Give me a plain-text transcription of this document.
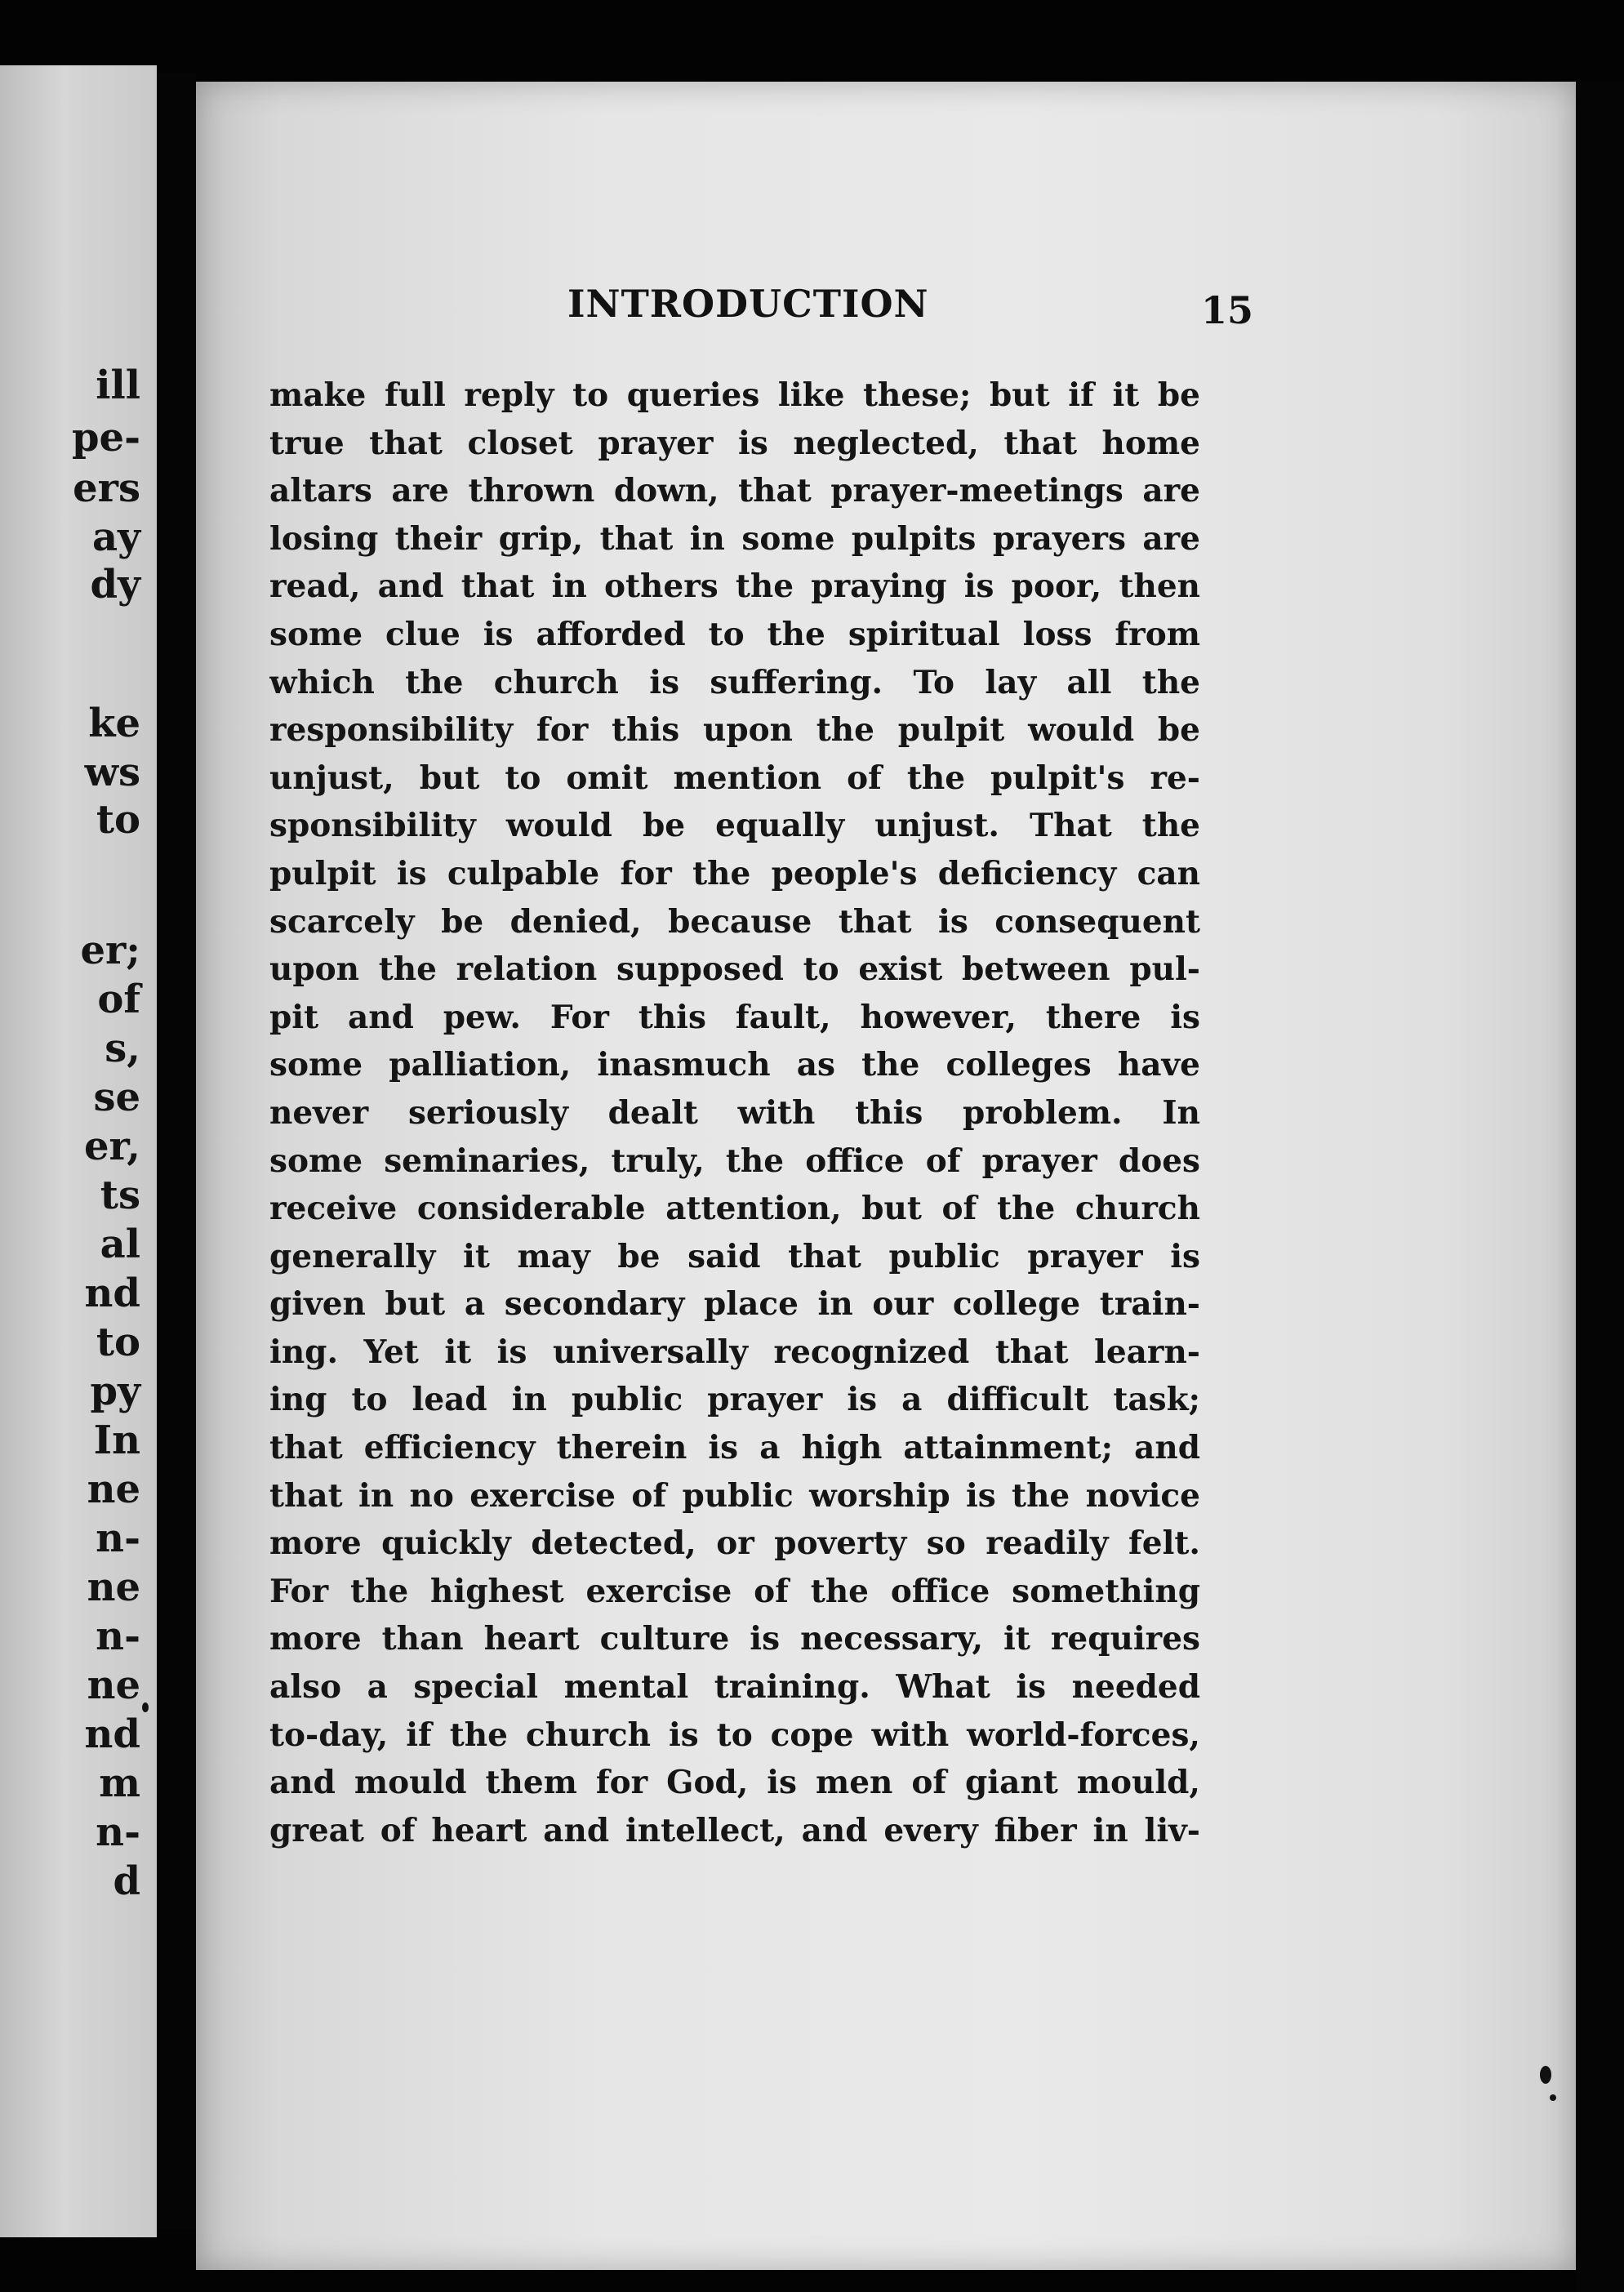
ill
pe-
ers
ay
dy
ke
ws
to
er;
of
s,
se
er,
ts
al
nd
to
py
In
ne
n-
ne
n-
ne
nd
m
n-
d
INTRODUCTION	15
make full reply to queries like these; but if it be
true that closet prayer is neglected, that home
altars are thrown down, that prayer-meetings are
losing their grip, that in some pulpits prayers are
read, and that in others the praying is poor, then
some clue is afforded to the spiritual loss from
which the church is suffering. To lay all the
responsibility for this upon the pulpit would be
unjust, but to omit mention of the pulpit's re-
sponsibility would be equally unjust. That the
pulpit is culpable for the people's deficiency can
scarcely be denied, because that is consequent
upon the relation supposed to exist between pul-
pit and pew. For this fault, however, there is
some palliation, inasmuch as the colleges have
never seriously dealt with this problem. In
some seminaries, truly, the office of prayer does
receive considerable attention, but of the church
generally it may be said that public prayer is
given but a secondary place in our college train-
ing. Yet it is universally recognized that learn-
ing to lead in public prayer is a difficult task;
that efficiency therein is a high attainment; and
that in no exercise of public worship is the novice
more quickly detected, or poverty so readily felt.
For the highest exercise of the office something
more than heart culture is necessary, it requires
also a special mental training. What is needed
to-day, if the church is to cope with world-forces,
and mould them for God, is men of giant mould,
great of heart and intellect, and every fiber in liv-
